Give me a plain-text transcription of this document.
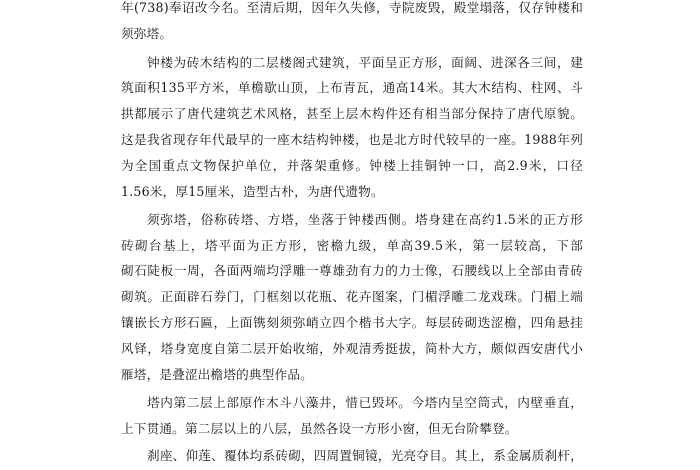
年(738)奉诏改今名。至清后期，因年久失修，寺院废毁，殿堂塌落，仅存钟楼和
须弥塔。
钟楼为砖木结构的二层楼阁式建筑，平面呈正方形，面阔、进深各三间，建
筑面积135平方米，单檐歇山顶，上布青瓦，通高14米。其大木结构、柱网、斗
拱都展示了唐代建筑艺术风格，甚至上层木构件还有相当部分保持了唐代原貌。
这是我省现存年代最早的一座木结构钟楼，也是北方时代较早的一座。1988年列
为全国重点文物保护单位，并落架重修。钟楼上挂铜钟一口，高2.9米，口径
1.56米，厚15厘米，造型古朴，为唐代遗物。
须弥塔，俗称砖塔、方塔，坐落于钟楼西侧。塔身建在高约1.5米的正方形
砖砌台基上，塔平面为正方形，密檐九级，单高39.5米，第一层较高，下部
砌石陡板一周，各面两端均浮雕一尊雄劲有力的力士像，石腰线以上全部由青砖
砌筑。正面辟石券门，门框刻以花瓶、花卉图案，门楣浮雕二龙戏珠。门楣上端
镶嵌长方形石匾，上面镌刻须弥峭立四个楷书大字。每层砖砌迭涩檐，四角悬挂
风铎，塔身宽度自第二层开始收缩，外观清秀挺拔，简朴大方，颇似西安唐代小
雁塔，是叠涩出檐塔的典型作品。
塔内第二层上部原作木斗八藻井，惜已毁坏。今塔内呈空筒式，内壁垂直，
上下贯通。第二层以上的八层，虽然各设一方形小窗，但无台阶攀登。
刹座、仰莲、覆体均系砖砌，四周置铜镜，光亮夺目。其上，系金属质刹杆，
